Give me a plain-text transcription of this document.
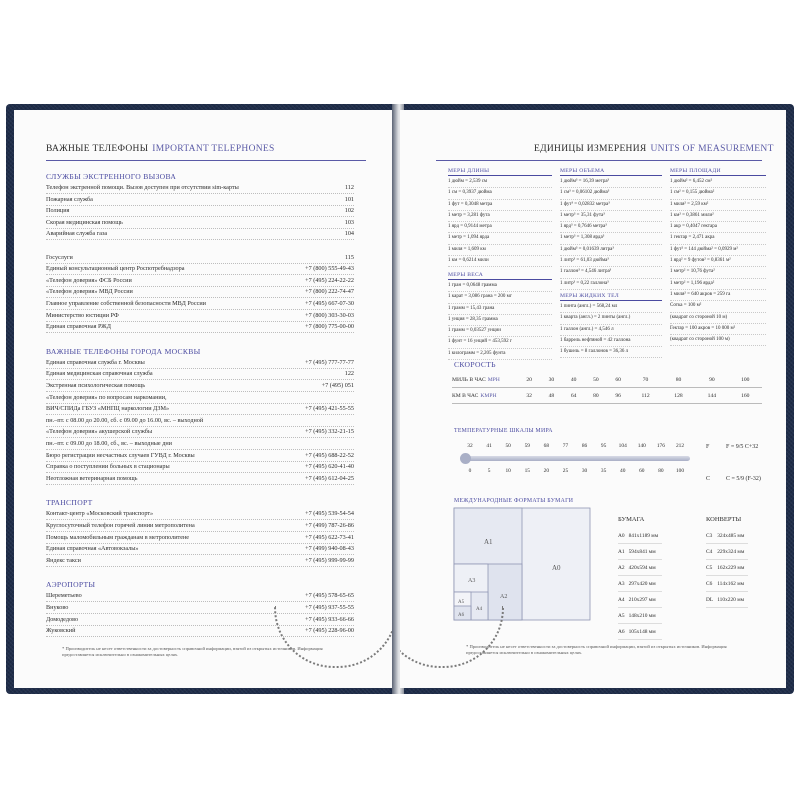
ВАЖНЫЕ ТЕЛЕФОНЫ IMPORTANT TELEPHONES
* Производитель не несет ответственности за достоверность справочной информации, взятой из открытых источников. Информация предоставляется исключительно в ознакомительных целях.
СЛУЖБЫ ЭКСТРЕННОГО ВЫЗОВА
Телефон экстренной помощи. Вызов доступен при отсутствии sim-карты	112
Пожарная служба	101
Полиция	102
Скорая медицинская помощь	103
Аварийная служба газа	104
Госуслуги	115
Единый консультационный центр Роспотребнадзора	+7 (800) 555-49-43
«Телефон доверия» ФСБ России	+7 (495) 224-22-22
«Телефон доверия» МВД России	+7 (800) 222-74-47
Главное управление собственной безопасности МВД России	+7 (495) 667-07-30
Министерство юстиции РФ	+7 (800) 303-30-03
Единая справочная РЖД	+7 (800) 775-00-00
ВАЖНЫЕ ТЕЛЕФОНЫ ГОРОДА МОСКВЫ
Единая справочная служба г. Москвы	+7 (495) 777-77-77
Единая медицинская справочная служба	122
Экстренная психологическая помощь	+7 (495) 051
«Телефон доверия» по вопросам наркомании,
ВИЧ/СПИДа ГБУЗ «МНПЦ наркологии ДЗМ»	+7 (495) 421-55-55
пн.–пт. с 08.00 до 20.00, сб. с 09.00 до 16.00, вс. – выходной
«Телефон доверия» акушерской службы	+7 (495) 332-21-15
пн.–пт. с 09.00 до 18.00, сб., вс. – выходные дни
Бюро регистрации несчастных случаев ГУВД г. Москвы	+7 (495) 688-22-52
Справка о поступлении больных в стационары	+7 (495) 620-41-40
Неотложная ветеринарная помощь	+7 (495) 612-04-25
ТРАНСПОРТ
Контакт-центр «Московский транспорт»	+7 (495) 539-54-54
Круглосуточный телефон горячей линии метрополитена	+7 (499) 787-26-86
Помощь маломобильным гражданам в метрополитене	+7 (495) 622-73-41
Единая справочная «Автовокзалы»	+7 (499) 940-08-43
Яндекс такси	+7 (495) 999-99-99
АЭРОПОРТЫ
Шереметьево	+7 (495) 578-65-65
Внуково	+7 (495) 937-55-55
Домодедово	+7 (495) 933-66-66
Жуковский	+7 (495) 228-96-00
ЕДИНИЦЫ ИЗМЕРЕНИЯ UNITS OF MEASUREMENT
МЕРЫ ДЛИНЫ
1 дюйм = 2,539 см
1 см = 0,3937 дюйма
1 фут = 0,3048 метра
1 метр = 3,281 фута
1 ярд = 0,9144 метра
1 метр = 1,094 ярда
1 миля = 1,609 км
1 км = 0,6214 мили
МЕРЫ ВЕСА
1 гран = 0,0648 грамма
1 карат = 3,086 грана = 200 мг
1 грамм = 15,43 грана
1 унция = 28,35 грамма
1 грамм = 0,03527 унции
1 фунт = 16 унций = 453,592 г
1 килограмм = 2,205 фунта
МЕРЫ ОБЪЕМА
1 дюйм³ = 16,39 метра³
1 см³ = 0,06102 дюйма³
1 фут³ = 0,02832 метра³
1 метр³ = 35,31 фута³
1 ярд³ = 0,7646 метра³
1 метр³ = 1,308 ярда³
1 дюйм³ = 0,01639 литра³
1 литр³ = 61,03 дюйма³
1 галлон³ = 4,546 литра³
1 литр³ = 0,22 галлона³
МЕРЫ ЖИДКИХ ТЕЛ
1 пинта (англ.) = 568,24 мл
1 кварта (англ.) = 2 пинты (англ.)
1 галлон (англ.) = 4,546 л
1 баррель нефтяной = 42 галлона
1 бушель = 8 галлонов = 36,36 л
МЕРЫ ПЛОЩАДИ
1 дюйм² = 6,452 см²
1 см² = 0,155 дюйма²
1 миля² = 2,59 км²
1 км² = 0,3861 мили²
1 акр = 0,4047 гектара
1 гектар = 2,471 акра
1 фут² = 144 дюйма² = 0,0929 м²
1 ярд² = 9 футов² = 0,8361 м²
1 метр² = 10,76 фута²
1 метр² = 1,196 ярда²
1 миля² = 640 акров = 259 га
Сотка = 100 м²
(квадрат со стороной 10 м)
Гектар = 100 акров = 10 000 м²
(квадрат со стороной 100 м)
СКОРОСТЬ
МИЛЬ В ЧАС MPH	20	30	40	50	60	70	80	90	100
КМ В ЧАС KMPH	32	48	64	80	96	112	128	144	160
ТЕМПЕРАТУРНЫЕ ШКАЛЫ МИРА
МЕЖДУНАРОДНЫЕ ФОРМАТЫ БУМАГИ
A1
A0
A3
A2
A5
A6
A4
БУМАГА
A0	841x1189 мм
A1	594x841 мм
A2	420x594 мм
A3	297x420 мм
A4	210x297 мм
A5	148x210 мм
A6	105x148 мм
КОНВЕРТЫ
C3	324x485 мм
C4	229x324 мм
C5	162x229 мм
C6	114x162 мм
DL	110x220 мм
* Производитель не несет ответственности за достоверность справочной информации, взятой из открытых источников. Информация предоставляется исключительно в ознакомительных целях.
32
0
41
5
50
10
59
15
68
20
77
25
86
30
95
35
104
40
140
60
176
80
212
100
F	F = 9/5 C+32
C	C = 5/9 (F-32)
